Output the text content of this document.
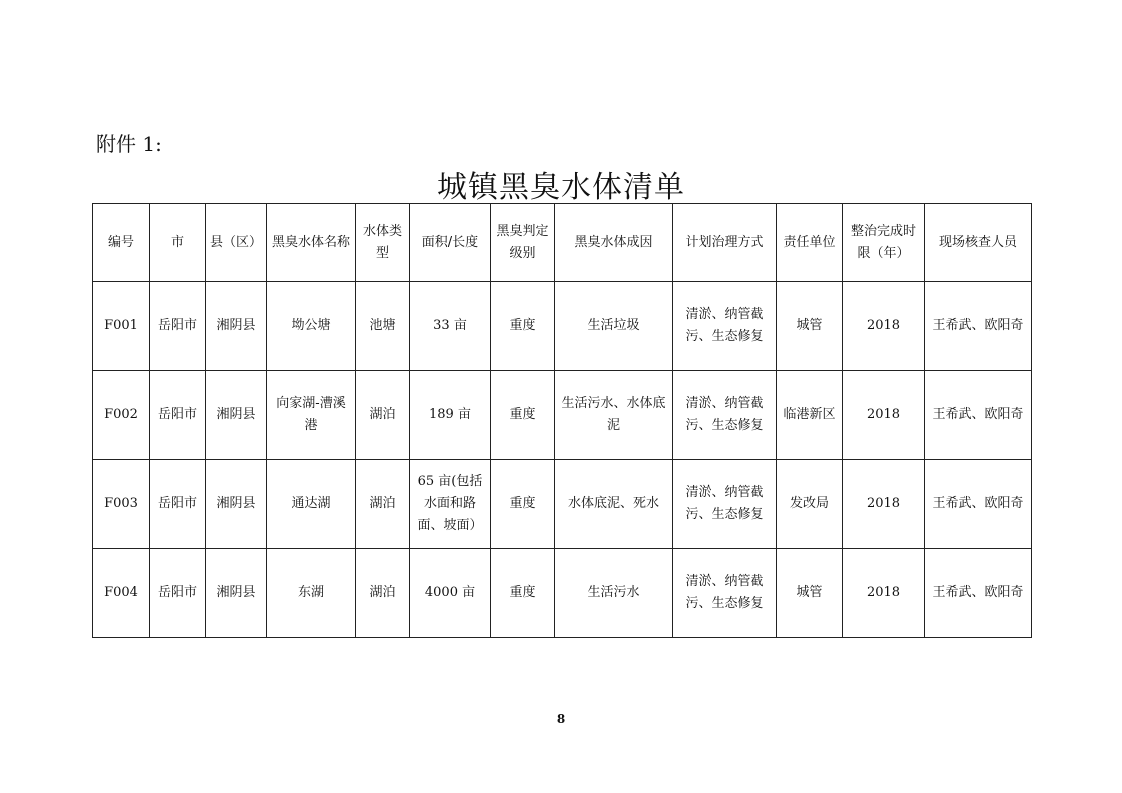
附件 1:
城镇黑臭水体清单
编号	市	县（区）	黑臭水体名称	水体类型	面积/长度	黑臭判定级别	黑臭水体成因	计划治理方式	责任单位	整治完成时限（年）	现场核查人员
F001	岳阳市	湘阴县	坳公塘	池塘	33 亩	重度	生活垃圾	清淤、纳管截污、生态修复	城管	2018	王希武、欧阳奇
F002	岳阳市	湘阴县	向家湖-漕溪港	湖泊	189 亩	重度	生活污水、水体底泥	清淤、纳管截污、生态修复	临港新区	2018	王希武、欧阳奇
F003	岳阳市	湘阴县	通达湖	湖泊	65 亩(包括水面和路面、坡面）	重度	水体底泥、死水	清淤、纳管截污、生态修复	发改局	2018	王希武、欧阳奇
F004	岳阳市	湘阴县	东湖	湖泊	4000 亩	重度	生活污水	清淤、纳管截污、生态修复	城管	2018	王希武、欧阳奇
8
